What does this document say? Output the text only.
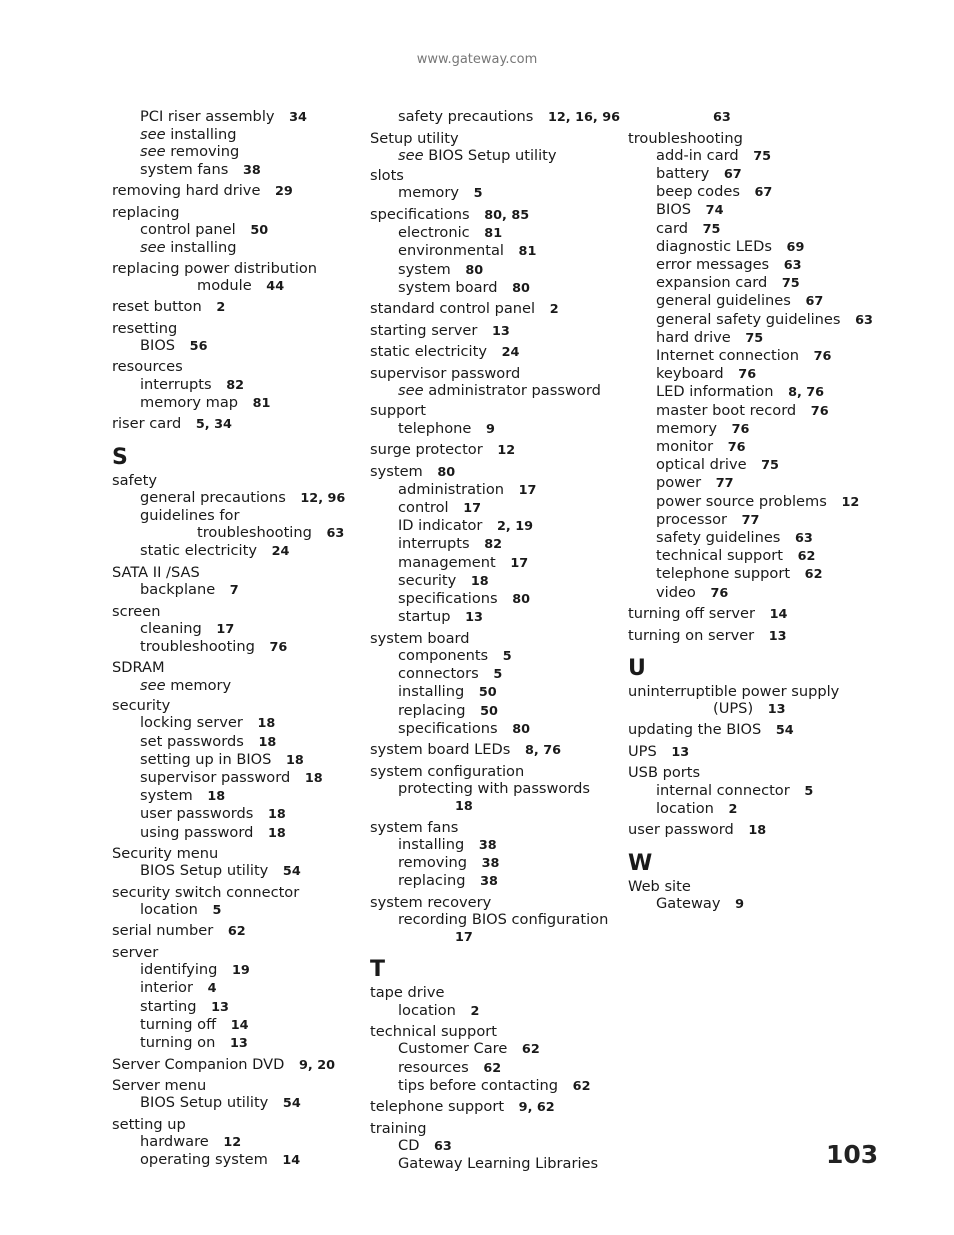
www.gateway.com
PCI riser assembly  34
see installing
see removing
system fans  38
removing hard drive  29
replacing
control panel  50
see installing
replacing power distribution
module  44
reset button  2
resetting
BIOS  56
resources
interrupts  82
memory map  81
riser card  5, 34
S
safety
general precautions  12, 96
guidelines for
troubleshooting  63
static electricity  24
SATA II /SAS
backplane  7
screen
cleaning  17
troubleshooting  76
SDRAM
see memory
security
locking server  18
set passwords  18
setting up in BIOS  18
supervisor password  18
system  18
user passwords  18
using password  18
Security menu
BIOS Setup utility  54
security switch connector
location  5
serial number  62
server
identifying  19
interior  4
starting  13
turning off  14
turning on  13
Server Companion DVD  9, 20
Server menu
BIOS Setup utility  54
setting up
hardware  12
operating system  14
safety precautions  12, 16, 96
Setup utility
see BIOS Setup utility
slots
memory  5
specifications  80, 85
electronic  81
environmental  81
system  80
system board  80
standard control panel  2
starting server  13
static electricity  24
supervisor password
see administrator password
support
telephone  9
surge protector  12
system  80
administration  17
control  17
ID indicator  2, 19
interrupts  82
management  17
security  18
specifications  80
startup  13
system board
components  5
connectors  5
installing  50
replacing  50
specifications  80
system board LEDs  8, 76
system configuration
protecting with passwords
18
system fans
installing  38
removing  38
replacing  38
system recovery
recording BIOS configuration
17
T
tape drive
location  2
technical support
Customer Care  62
resources  62
tips before contacting  62
telephone support  9, 62
training
CD  63
Gateway Learning Libraries
63
troubleshooting
add-in card  75
battery  67
beep codes  67
BIOS  74
card  75
diagnostic LEDs  69
error messages  63
expansion card  75
general guidelines  67
general safety guidelines  63
hard drive  75
Internet connection  76
keyboard  76
LED information  8, 76
master boot record  76
memory  76
monitor  76
optical drive  75
power  77
power source problems  12
processor  77
safety guidelines  63
technical support  62
telephone support  62
video  76
turning off server  14
turning on server  13
U
uninterruptible power supply
(UPS)  13
updating the BIOS  54
UPS  13
USB ports
internal connector  5
location  2
user password  18
W
Web site
Gateway  9
103
